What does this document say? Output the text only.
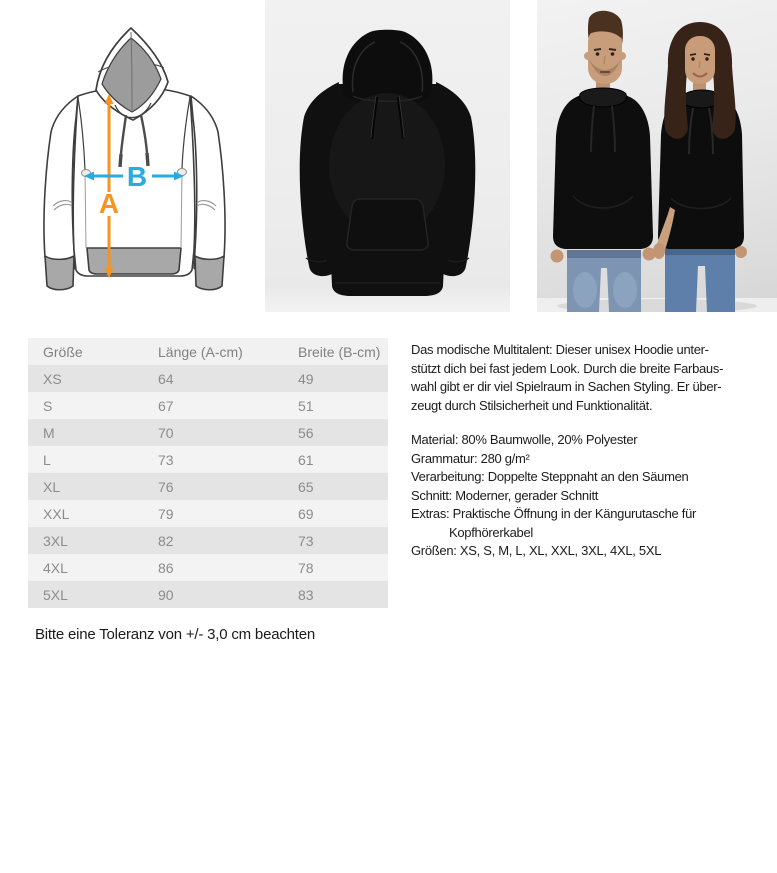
A
B
Größe	Länge (A-cm)	Breite (B-cm)
XS	64	49
S	67	51
M	70	56
L	73	61
XL	76	65
XXL	79	69
3XL	82	73
4XL	86	78
5XL	90	83
Bitte eine Toleranz von +/- 3,0 cm beachten
Das modische Multitalent: Dieser unisex Hoodie unter-
stützt dich bei fast jedem Look. Durch die breite Farbaus-
wahl gibt er dir viel Spielraum in Sachen Styling. Er über-
zeugt durch Stilsicherheit und Funktionalität.
Material: 80% Baumwolle, 20% Polyester
Grammatur: 280 g/m²
Verarbeitung: Doppelte Steppnaht an den Säumen
Schnitt: Moderner, gerader Schnitt
Extras: Praktische Öffnung in der Kängurutasche für
Kopfhörerkabel
Größen: XS, S, M, L, XL, XXL, 3XL, 4XL, 5XL
